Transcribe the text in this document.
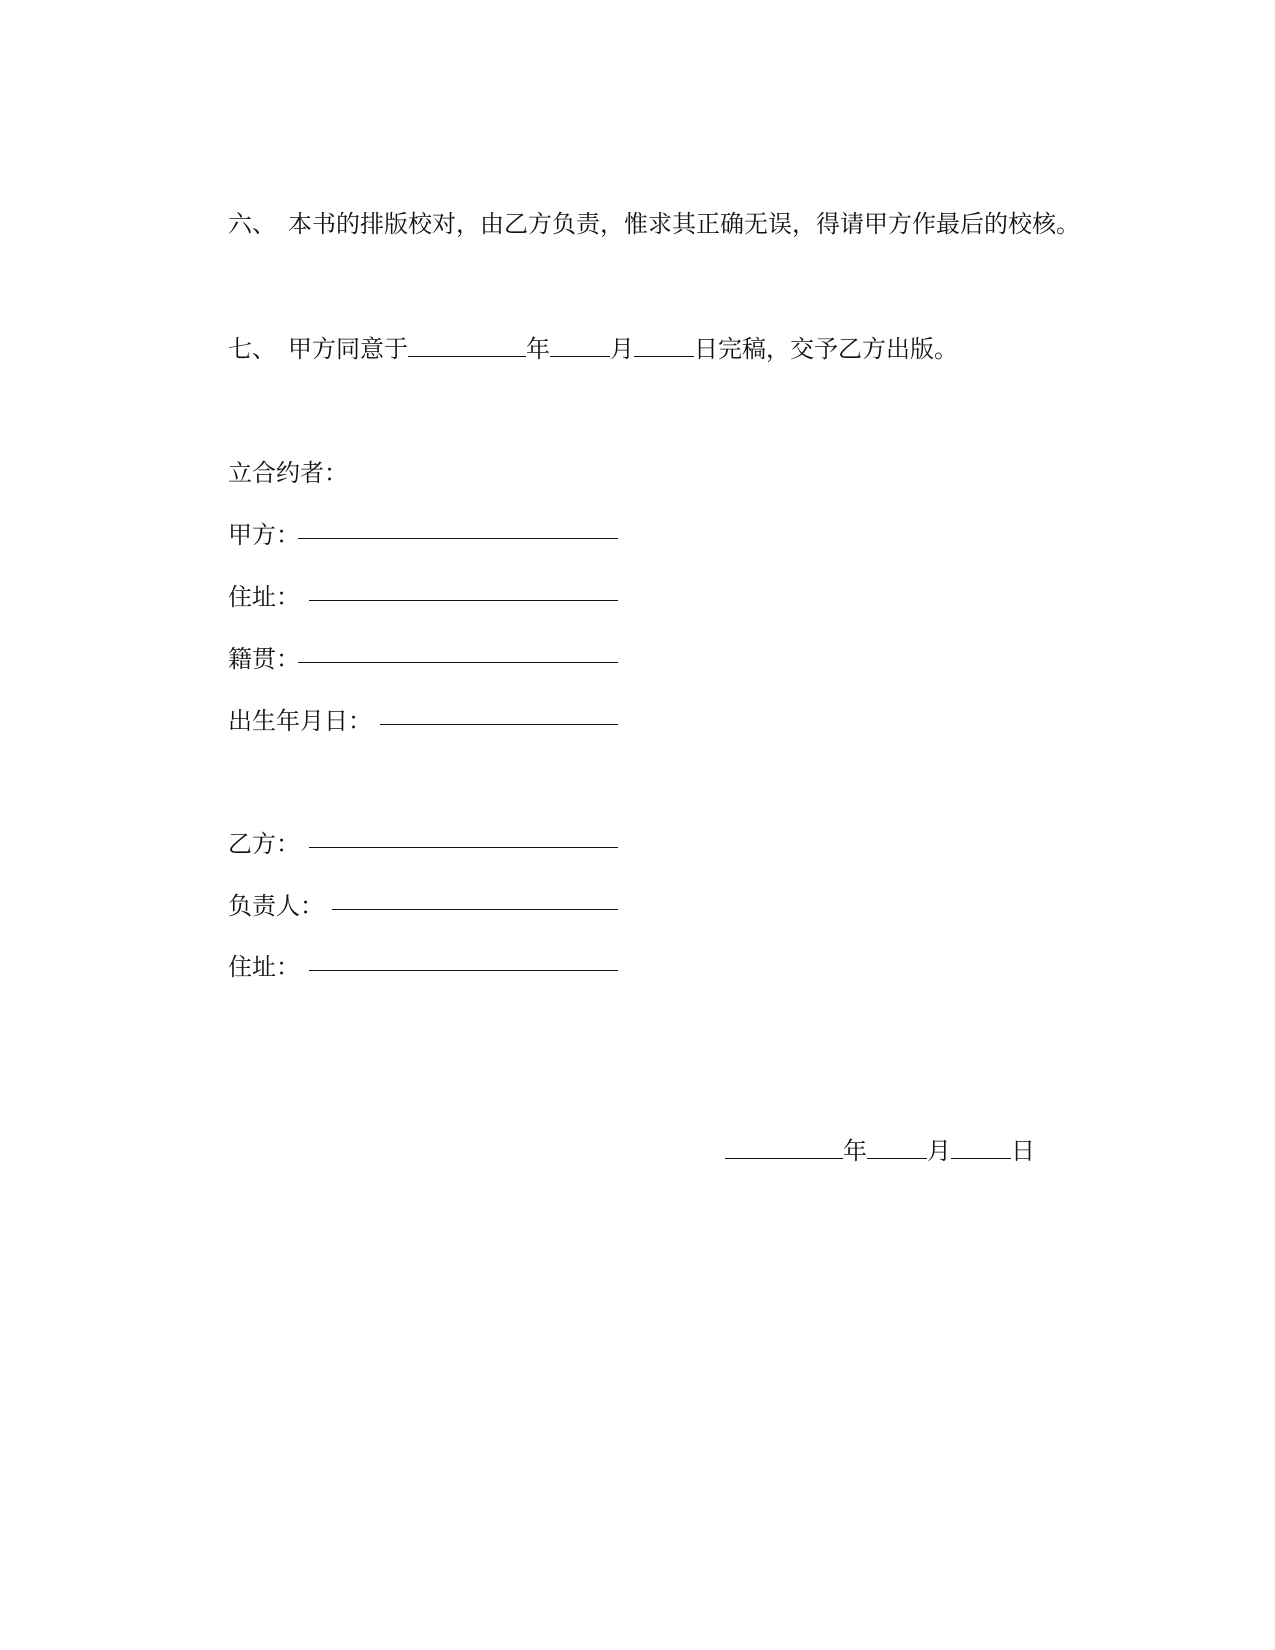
六、 本书的排版校对，由乙方负责，惟求其正确无误，得请甲方作最后的校核。
七、 甲方同意于	年	月	日完稿，交予乙方出版。
立合约者：
甲方：
住址：
籍贯：
出生年月日：
乙方：
负责人：
住址：
年	月	日
